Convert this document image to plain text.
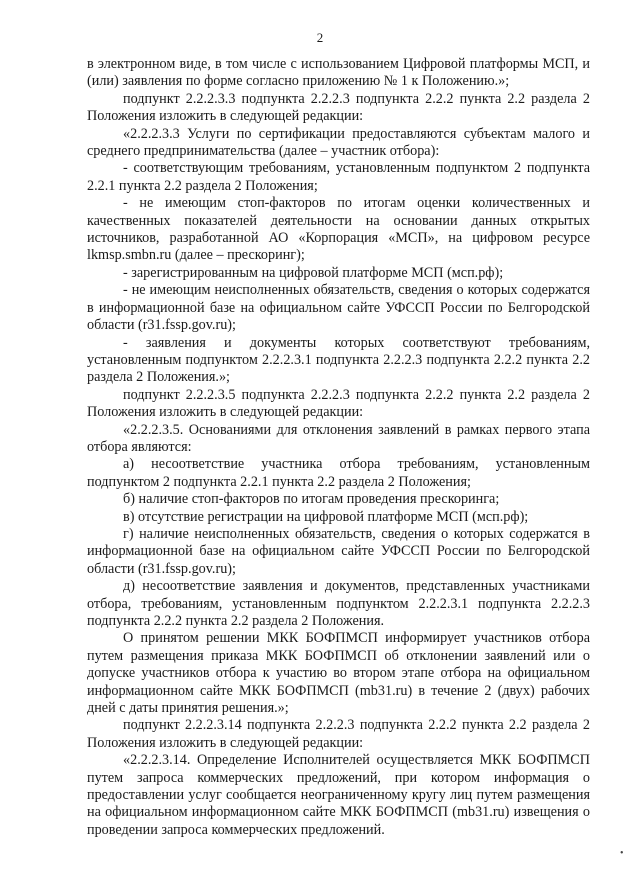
2

в электронном виде, в том числе с использованием Цифровой платформы МСП, и (или) заявления по форме согласно приложению № 1 к Положению.»;

подпункт 2.2.2.3.3 подпункта 2.2.2.3 подпункта 2.2.2 пункта 2.2 раздела 2 Положения изложить в следующей редакции:

«2.2.2.3.3 Услуги по сертификации предоставляются субъектам малого и среднего предпринимательства (далее – участник отбора):

- соответствующим требованиям, установленным подпунктом 2 подпункта 2.2.1 пункта 2.2 раздела 2 Положения;

- не имеющим стоп-факторов по итогам оценки количественных и качественных показателей деятельности на основании данных открытых источников, разработанной АО «Корпорация «МСП», на цифровом ресурсе lkmsp.smbn.ru (далее – прескоринг);

- зарегистрированным на цифровой платформе МСП (мсп.рф);

- не имеющим неисполненных обязательств, сведения о которых содержатся в информационной базе на официальном сайте УФССП России по Белгородской области (r31.fssp.gov.ru);

- заявления и документы которых соответствуют требованиям, установленным подпунктом 2.2.2.3.1 подпункта 2.2.2.3 подпункта 2.2.2 пункта 2.2 раздела 2 Положения.»;

подпункт 2.2.2.3.5 подпункта 2.2.2.3 подпункта 2.2.2 пункта 2.2 раздела 2 Положения изложить в следующей редакции:

«2.2.2.3.5. Основаниями для отклонения заявлений в рамках первого этапа отбора являются:

а) несоответствие участника отбора требованиям, установленным подпунктом 2 подпункта 2.2.1 пункта 2.2 раздела 2 Положения;

б) наличие стоп-факторов по итогам проведения прескоринга;

в) отсутствие регистрации на цифровой платформе МСП (мсп.рф);

г) наличие неисполненных обязательств, сведения о которых содержатся в информационной базе на официальном сайте УФССП России по Белгородской области (r31.fssp.gov.ru);

д) несоответствие заявления и документов, представленных участниками отбора, требованиям, установленным подпунктом 2.2.2.3.1 подпункта 2.2.2.3 подпункта 2.2.2 пункта 2.2 раздела 2 Положения.

О принятом решении МКК БОФПМСП информирует участников отбора путем размещения приказа МКК БОФПМСП об отклонении заявлений или о допуске участников отбора к участию во втором этапе отбора на официальном информационном сайте МКК БОФПМСП (mb31.ru) в течение 2 (двух) рабочих дней с даты принятия решения.»;

подпункт 2.2.2.3.14 подпункта 2.2.2.3 подпункта 2.2.2 пункта 2.2 раздела 2 Положения изложить в следующей редакции:

«2.2.2.3.14. Определение Исполнителей осуществляется МКК БОФПМСП путем запроса коммерческих предложений, при котором информация о предоставлении услуг сообщается неограниченному кругу лиц путем размещения на официальном информационном сайте МКК БОФПМСП (mb31.ru) извещения о проведении запроса коммерческих предложений.

•
